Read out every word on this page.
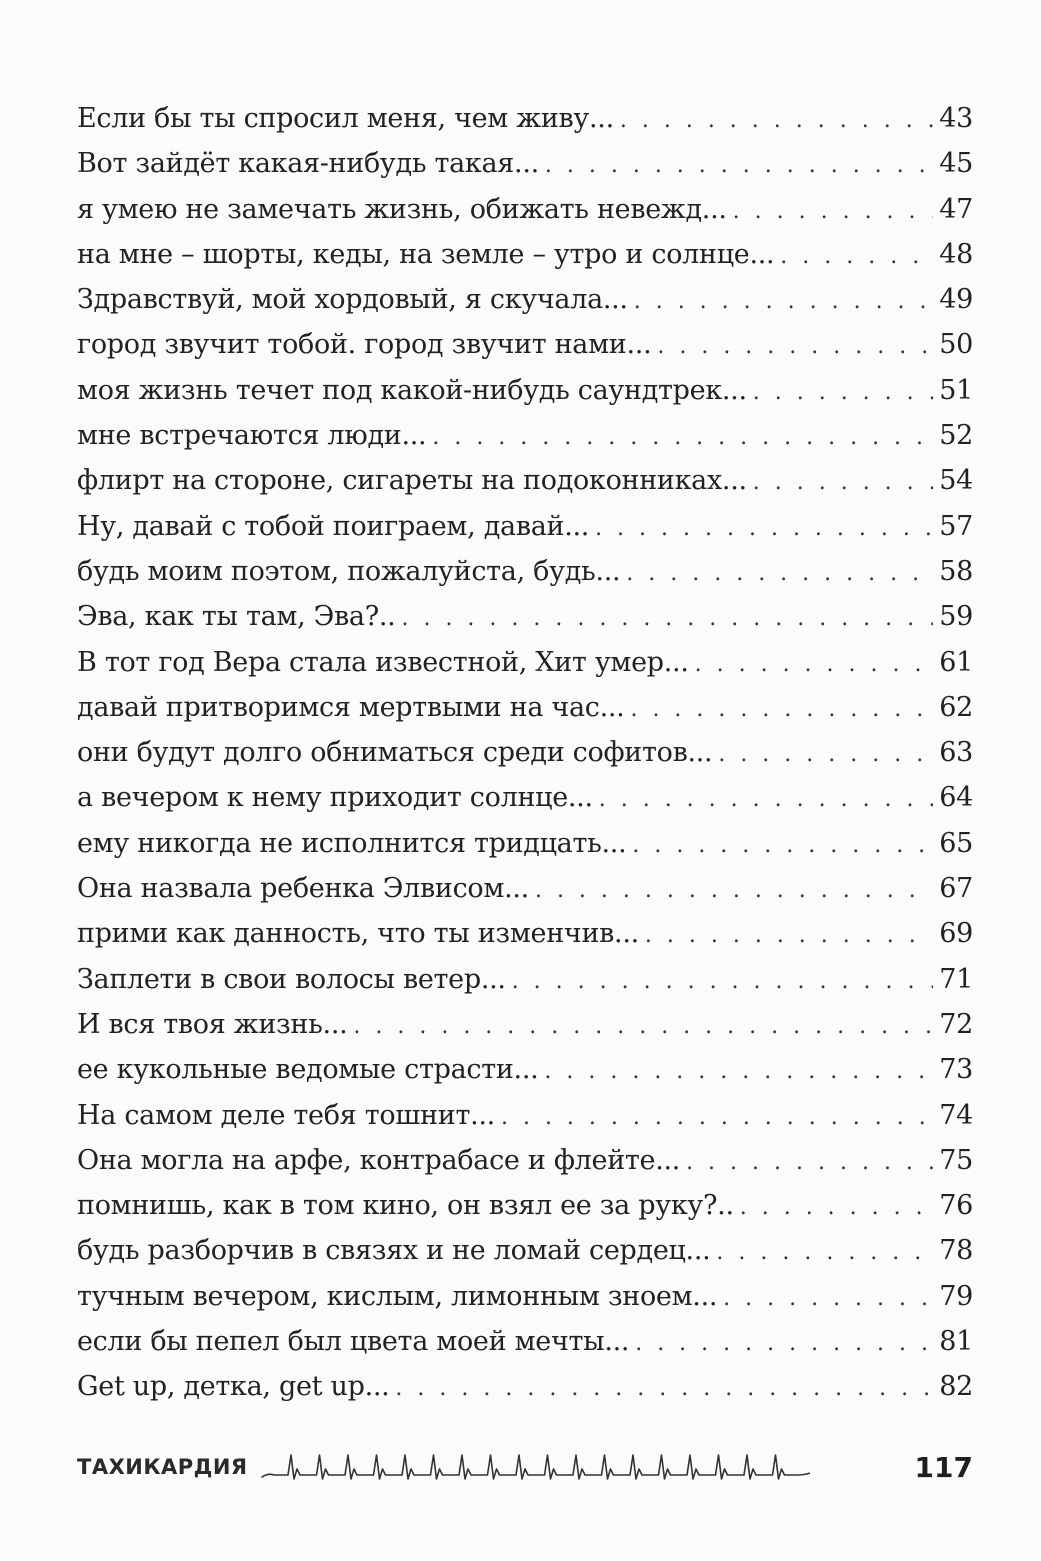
Если бы ты спросил меня, чем живу... . . .	43
Вот зайдёт какая-нибудь такая... . . .	45
я умею не замечать жизнь, обижать невежд... . . .	47
на мне – шорты, кеды, на земле – утро и солнце... . . .	48
Здравствуй, мой хордовый, я скучала... . . .	49
город звучит тобой. город звучит нами... . . .	50
моя жизнь течет под какой-нибудь саундтрек... . . .	51
мне встречаются люди... . . .	52
флирт на стороне, сигареты на подоконниках... . . .	54
Ну, давай с тобой поиграем, давай... . . .	57
будь моим поэтом, пожалуйста, будь... . . .	58
Эва, как ты там, Эва?.. . . .	59
В тот год Вера стала известной, Хит умер... . . .	61
давай притворимся мертвыми на час... . . .	62
они будут долго обниматься среди софитов... . . .	63
а вечером к нему приходит солнце... . . .	64
ему никогда не исполнится тридцать... . . .	65
Она назвала ребенка Элвисом... . . .	67
прими как данность, что ты изменчив... . . .	69
Заплети в свои волосы ветер... . . .	71
И вся твоя жизнь... . . .	72
ее кукольные ведомые страсти... . . .	73
На самом деле тебя тошнит... . . .	74
Она могла на арфе, контрабасе и флейте... . . .	75
помнишь, как в том кино, он взял ее за руку?.. . . .	76
будь разборчив в связях и не ломай сердец... . . .	78
тучным вечером, кислым, лимонным зноем... . . .	79
если бы пепел был цвета моей мечты... . . .	81
Get up, детка, get up... . . .	82
ТАХИКАРДИЯ	117
